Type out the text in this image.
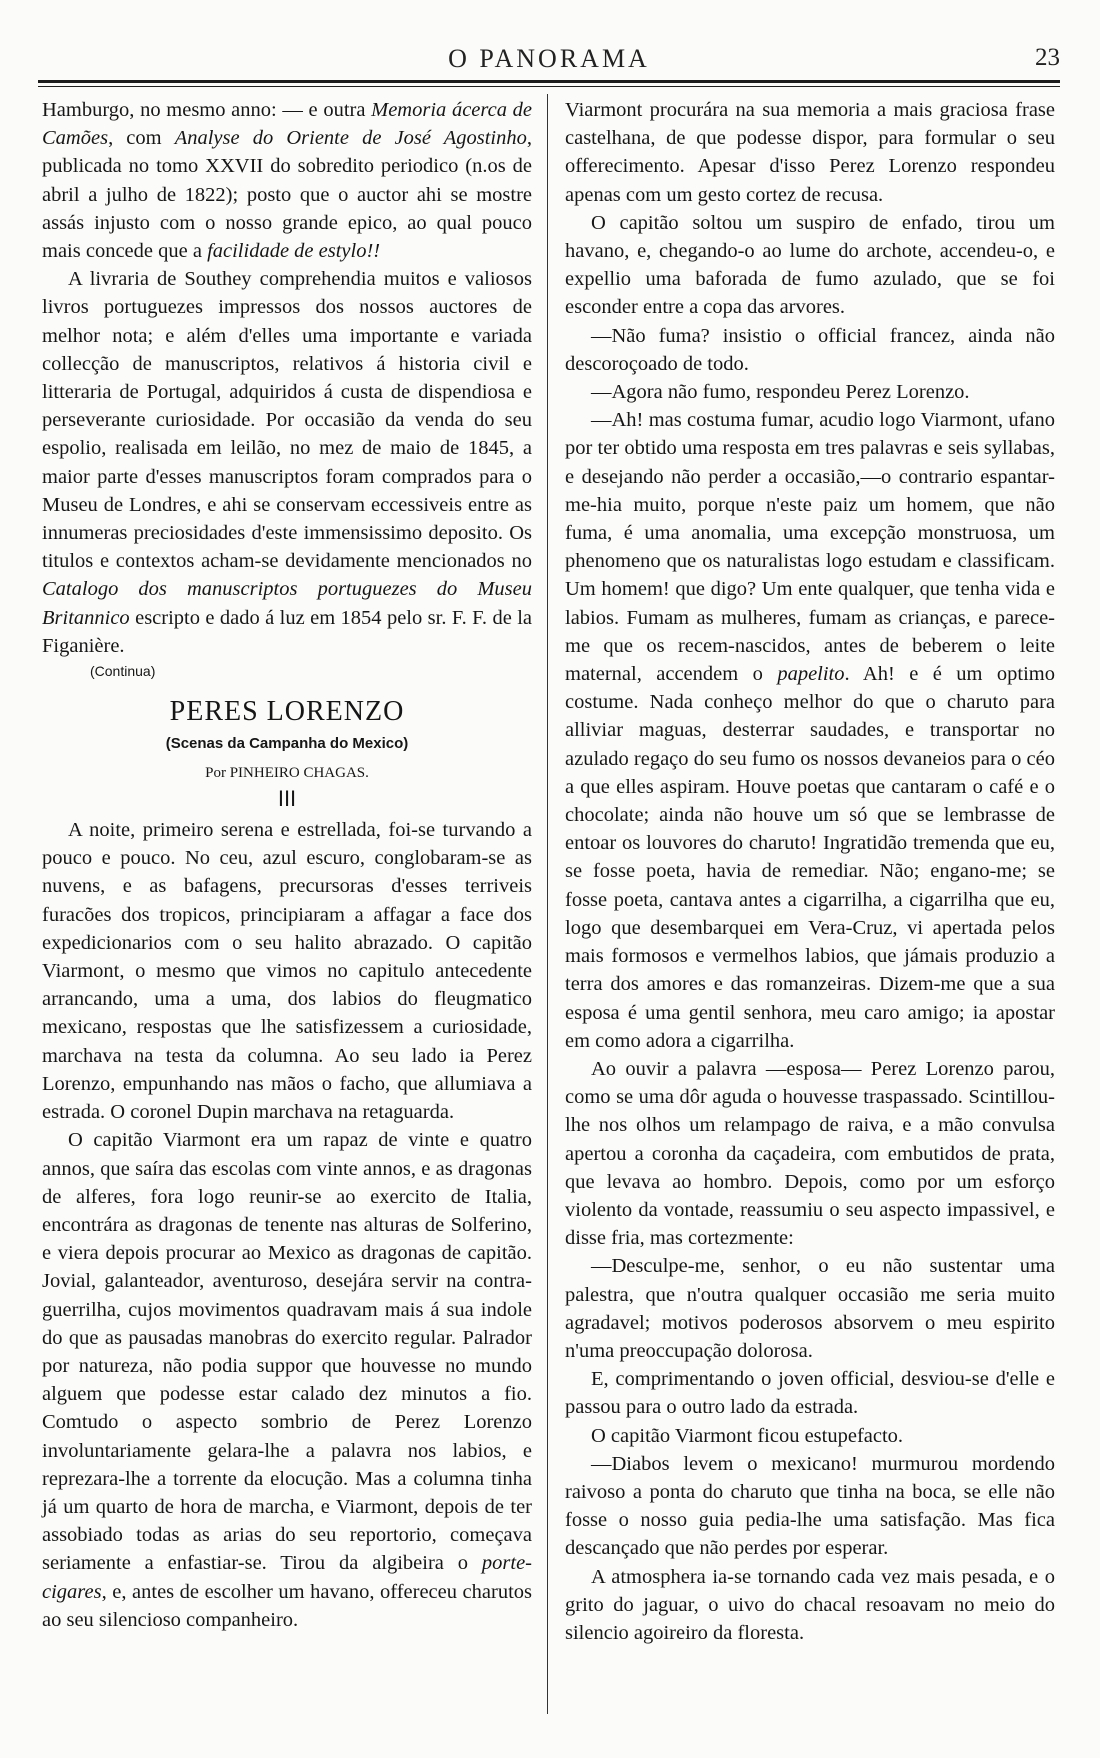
O PANORAMA	23

Hamburgo, no mesmo anno: — e outra Memoria ácerca de Camões, com Analyse do Oriente de José Agostinho, publicada no tomo XXVII do sobredito periodico (n.os de abril a julho de 1822); posto que o auctor ahi se mostre assás injusto com o nosso grande epico, ao qual pouco mais concede que a facilidade de estylo!!

A livraria de Southey comprehendia muitos e valiosos livros portuguezes impressos dos nossos auctores de melhor nota; e além d'elles uma importante e variada collecção de manuscriptos, relativos á historia civil e litteraria de Portugal, adquiridos á custa de dispendiosa e perseverante curiosidade. Por occasião da venda do seu espolio, realisada em leilão, no mez de maio de 1845, a maior parte d'esses manuscriptos foram comprados para o Museu de Londres, e ahi se conservam eccessiveis entre as innumeras preciosidades d'este immensissimo deposito. Os titulos e contextos acham-se devidamente mencionados no Catalogo dos manuscriptos portuguezes do Museu Britannico escripto e dado á luz em 1854 pelo sr. F. F. de la Figanière.

(Continua)
PERES LORENZO
(Scenas da Campanha do Mexico)
Por PINHEIRO CHAGAS.
III

A noite, primeiro serena e estrellada, foi-se turvando a pouco e pouco. No ceu, azul escuro, conglobaram-se as nuvens, e as bafagens, precursoras d'esses terriveis furacões dos tropicos, principiaram a affagar a face dos expedicionarios com o seu halito abrazado. O capitão Viarmont, o mesmo que vimos no capitulo antecedente arrancando, uma a uma, dos labios do fleugmatico mexicano, respostas que lhe satisfizessem a curiosidade, marchava na testa da columna. Ao seu lado ia Perez Lorenzo, empunhando nas mãos o facho, que allumiava a estrada. O coronel Dupin marchava na retaguarda.

O capitão Viarmont era um rapaz de vinte e quatro annos, que saíra das escolas com vinte annos, e as dragonas de alferes, fora logo reunir-se ao exercito de Italia, encontrára as dragonas de tenente nas alturas de Solferino, e viera depois procurar ao Mexico as dragonas de capitão. Jovial, galanteador, aventuroso, desejára servir na contra-guerrilha, cujos movimentos quadravam mais á sua indole do que as pausadas manobras do exercito regular. Palrador por natureza, não podia suppor que houvesse no mundo alguem que podesse estar calado dez minutos a fio. Comtudo o aspecto sombrio de Perez Lorenzo involuntariamente gelara-lhe a palavra nos labios, e reprezara-lhe a torrente da elocução. Mas a columna tinha já um quarto de hora de marcha, e Viarmont, depois de ter assobiado todas as arias do seu reportorio, começava seriamente a enfastiar-se. Tirou da algibeira o porte-cigares, e, antes de escolher um havano, offereceu charutos ao seu silencioso companheiro.

Viarmont procurára na sua memoria a mais graciosa frase castelhana, de que podesse dispor, para formular o seu offerecimento. Apesar d'isso Perez Lorenzo respondeu apenas com um gesto cortez de recusa.

O capitão soltou um suspiro de enfado, tirou um havano, e, chegando-o ao lume do archote, accendeu-o, e expellio uma baforada de fumo azulado, que se foi esconder entre a copa das arvores.

—Não fuma? insistio o official francez, ainda não descoroçoado de todo.

—Agora não fumo, respondeu Perez Lorenzo.

—Ah! mas costuma fumar, acudio logo Viarmont, ufano por ter obtido uma resposta em tres palavras e seis syllabas, e desejando não perder a occasião,—o contrario espantar-me-hia muito, porque n'este paiz um homem, que não fuma, é uma anomalia, uma excepção monstruosa, um phenomeno que os naturalistas logo estudam e classificam. Um homem! que digo? Um ente qualquer, que tenha vida e labios. Fumam as mulheres, fumam as crianças, e parece-me que os recem-nascidos, antes de beberem o leite maternal, accendem o papelito. Ah! e é um optimo costume. Nada conheço melhor do que o charuto para alliviar maguas, desterrar saudades, e transportar no azulado regaço do seu fumo os nossos devaneios para o céo a que elles aspiram. Houve poetas que cantaram o café e o chocolate; ainda não houve um só que se lembrasse de entoar os louvores do charuto! Ingratidão tremenda que eu, se fosse poeta, havia de remediar. Não; engano-me; se fosse poeta, cantava antes a cigarrilha, a cigarrilha que eu, logo que desembarquei em Vera-Cruz, vi apertada pelos mais formosos e vermelhos labios, que jámais produzio a terra dos amores e das romanzeiras. Dizem-me que a sua esposa é uma gentil senhora, meu caro amigo; ia apostar em como adora a cigarrilha.

Ao ouvir a palavra —esposa— Perez Lorenzo parou, como se uma dôr aguda o houvesse traspassado. Scintillou-lhe nos olhos um relampago de raiva, e a mão convulsa apertou a coronha da caçadeira, com embutidos de prata, que levava ao hombro. Depois, como por um esforço violento da vontade, reassumiu o seu aspecto impassivel, e disse fria, mas cortezmente:

—Desculpe-me, senhor, o eu não sustentar uma palestra, que n'outra qualquer occasião me seria muito agradavel; motivos poderosos absorvem o meu espirito n'uma preoccupação dolorosa.

E, comprimentando o joven official, desviou-se d'elle e passou para o outro lado da estrada.

O capitão Viarmont ficou estupefacto.

—Diabos levem o mexicano! murmurou mordendo raivoso a ponta do charuto que tinha na boca, se elle não fosse o nosso guia pedia-lhe uma satisfação. Mas fica descançado que não perdes por esperar.

A atmosphera ia-se tornando cada vez mais pesada, e o grito do jaguar, o uivo do chacal resoavam no meio do silencio agoireiro da floresta.
